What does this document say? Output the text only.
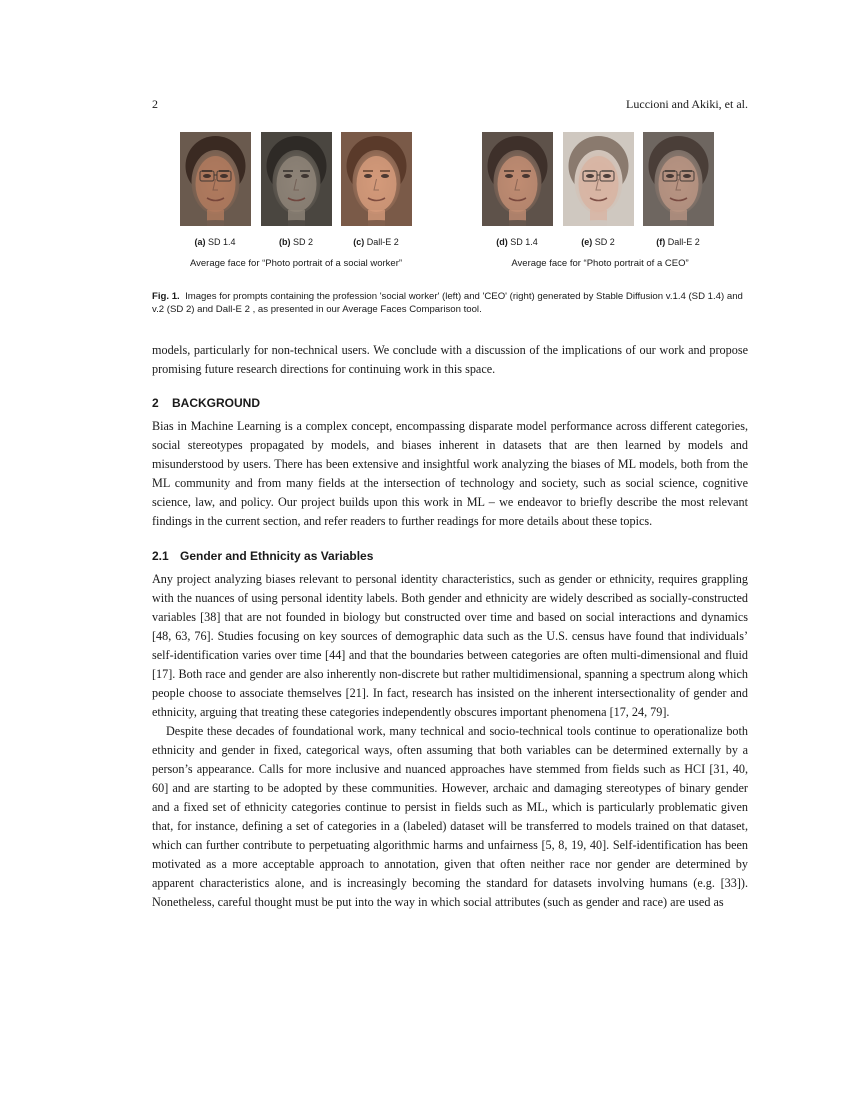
2	Luccioni and Akiki, et al.
(a) SD 1.4	(b) SD 2	(c) Dall-E 2	(d) SD 1.4	(e) SD 2	(f) Dall-E 2
Average face for “Photo portrait of a social worker”	Average face for “Photo portrait of a CEO”
Fig. 1. Images for prompts containing the profession 'social worker' (left) and 'CEO' (right) generated by Stable Diffusion v.1.4 (SD 1.4) and v.2 (SD 2) and Dall-E 2 , as presented in our Average Faces Comparison tool.

models, particularly for non-technical users. We conclude with a discussion of the implications of our work and propose promising future research directions for continuing work in this space.

2 BACKGROUND

Bias in Machine Learning is a complex concept, encompassing disparate model performance across different categories, social stereotypes propagated by models, and biases inherent in datasets that are then learned by models and misunderstood by users. There has been extensive and insightful work analyzing the biases of ML models, both from the ML community and from many fields at the intersection of technology and society, such as social science, cognitive science, law, and policy. Our project builds upon this work in ML – we endeavor to briefly describe the most relevant findings in the current section, and refer readers to further readings for more details about these topics.

2.1 Gender and Ethnicity as Variables

Any project analyzing biases relevant to personal identity characteristics, such as gender or ethnicity, requires grappling with the nuances of using personal identity labels. Both gender and ethnicity are widely described as socially-constructed variables [38] that are not founded in biology but constructed over time and based on social interactions and dynamics [48, 63, 76]. Studies focusing on key sources of demographic data such as the U.S. census have found that individuals’ self-identification varies over time [44] and that the boundaries between categories are often multi-dimensional and fluid [17]. Both race and gender are also inherently non-discrete but rather multidimensional, spanning a spectrum along which people choose to associate themselves [21]. In fact, research has insisted on the inherent intersectionality of gender and ethnicity, arguing that treating these categories independently obscures important phenomena [17, 24, 79].

Despite these decades of foundational work, many technical and socio-technical tools continue to operationalize both ethnicity and gender in fixed, categorical ways, often assuming that both variables can be determined externally by a person’s appearance. Calls for more inclusive and nuanced approaches have stemmed from fields such as HCI [31, 40, 60] and are starting to be adopted by these communities. However, archaic and damaging stereotypes of binary gender and a fixed set of ethnicity categories continue to persist in fields such as ML, which is particularly problematic given that, for instance, defining a set of categories in a (labeled) dataset will be transferred to models trained on that dataset, which can further contribute to perpetuating algorithmic harms and unfairness [5, 8, 19, 40]. Self-identification has been motivated as a more acceptable approach to annotation, given that often neither race nor gender are determined by apparent characteristics alone, and is increasingly becoming the standard for datasets involving humans (e.g. [33]). Nonetheless, careful thought must be put into the way in which social attributes (such as gender and race) are used as
